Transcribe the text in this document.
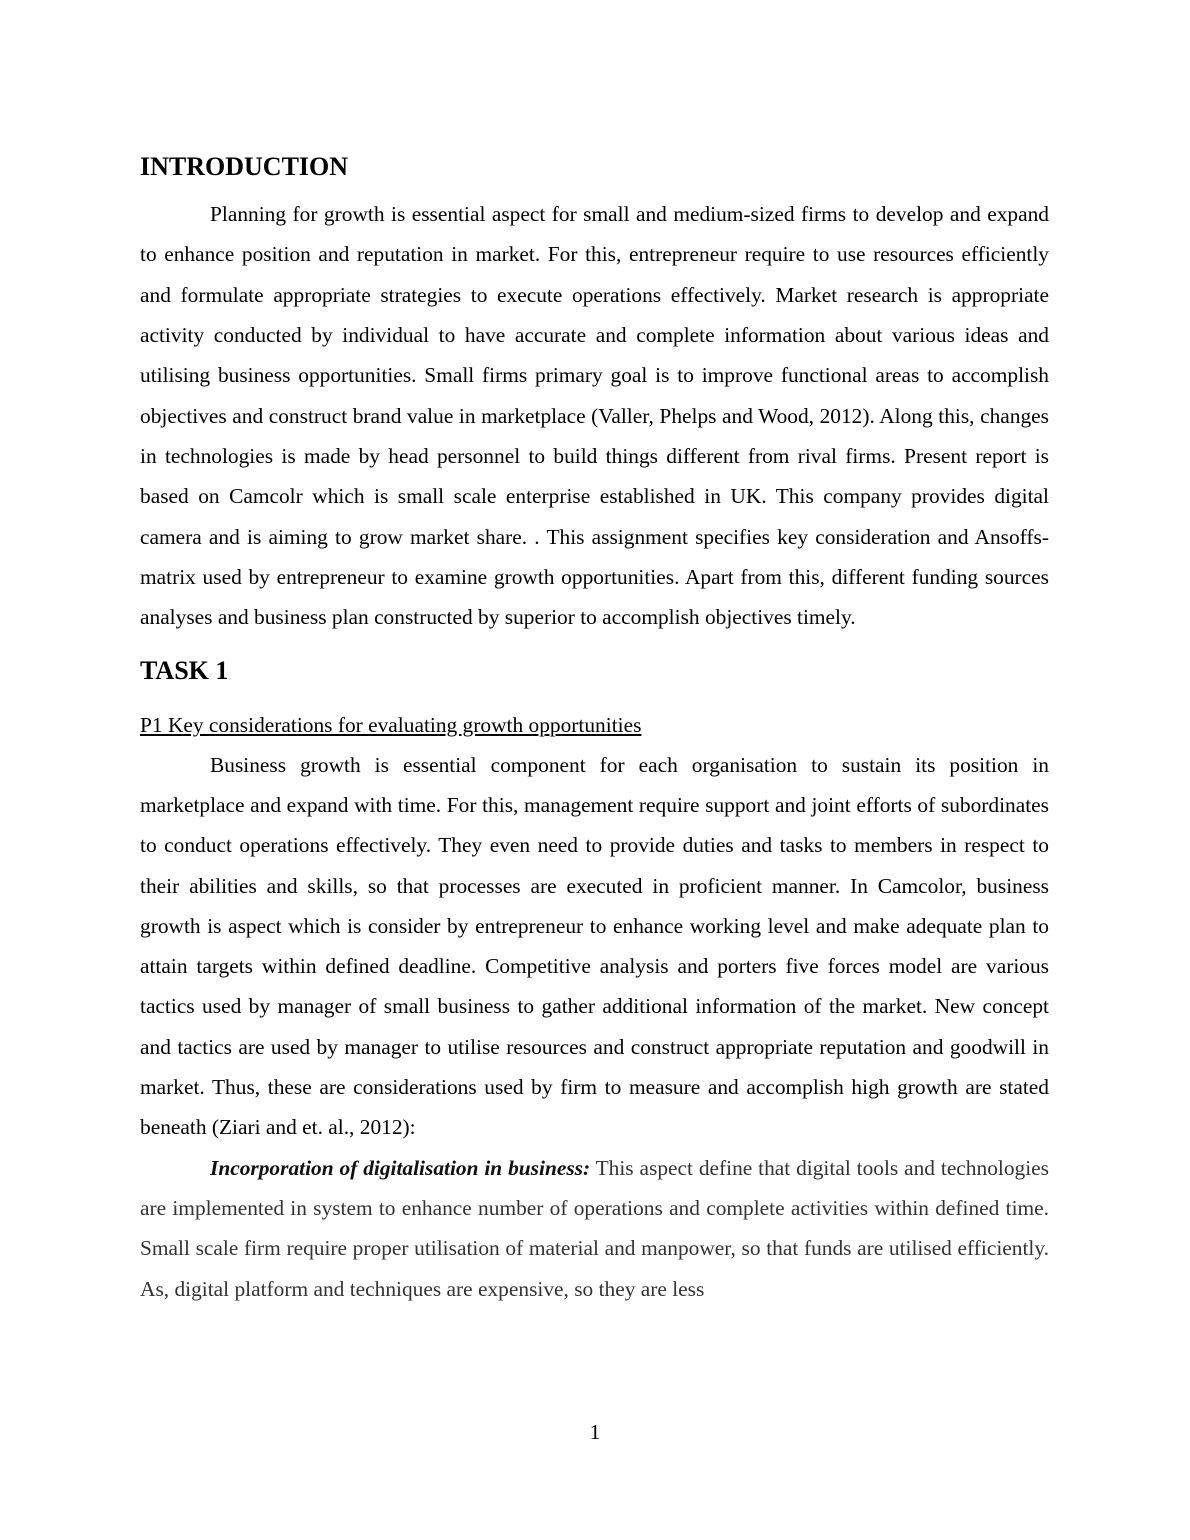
INTRODUCTION

Planning for growth is essential aspect for small and medium-sized firms to develop and expand to enhance position and reputation in market. For this, entrepreneur require to use resources efficiently and formulate appropriate strategies to execute operations effectively. Market research is appropriate activity conducted by individual to have accurate and complete information about various ideas and utilising business opportunities. Small firms primary goal is to improve functional areas to accomplish objectives and construct brand value in marketplace (Valler, Phelps and Wood, 2012). Along this, changes in technologies is made by head personnel to build things different from rival firms. Present report is based on Camcolr which is small scale enterprise established in UK. This company provides digital camera and is aiming to grow market share. . This assignment specifies key consideration and Ansoffs-matrix used by entrepreneur to examine growth opportunities. Apart from this, different funding sources analyses and business plan constructed by superior to accomplish objectives timely.

TASK 1

P1 Key considerations for evaluating growth opportunities

Business growth is essential component for each organisation to sustain its position in marketplace and expand with time. For this, management require support and joint efforts of subordinates to conduct operations effectively. They even need to provide duties and tasks to members in respect to their abilities and skills, so that processes are executed in proficient manner. In Camcolor, business growth is aspect which is consider by entrepreneur to enhance working level and make adequate plan to attain targets within defined deadline. Competitive analysis and porters five forces model are various tactics used by manager of small business to gather additional information of the market. New concept and tactics are used by manager to utilise resources and construct appropriate reputation and goodwill in market. Thus, these are considerations used by firm to measure and accomplish high growth are stated beneath (Ziari and et. al., 2012):

Incorporation of digitalisation in business: This aspect define that digital tools and technologies are implemented in system to enhance number of operations and complete activities within defined time. Small scale firm require proper utilisation of material and manpower, so that funds are utilised efficiently. As, digital platform and techniques are expensive, so they are less

1
